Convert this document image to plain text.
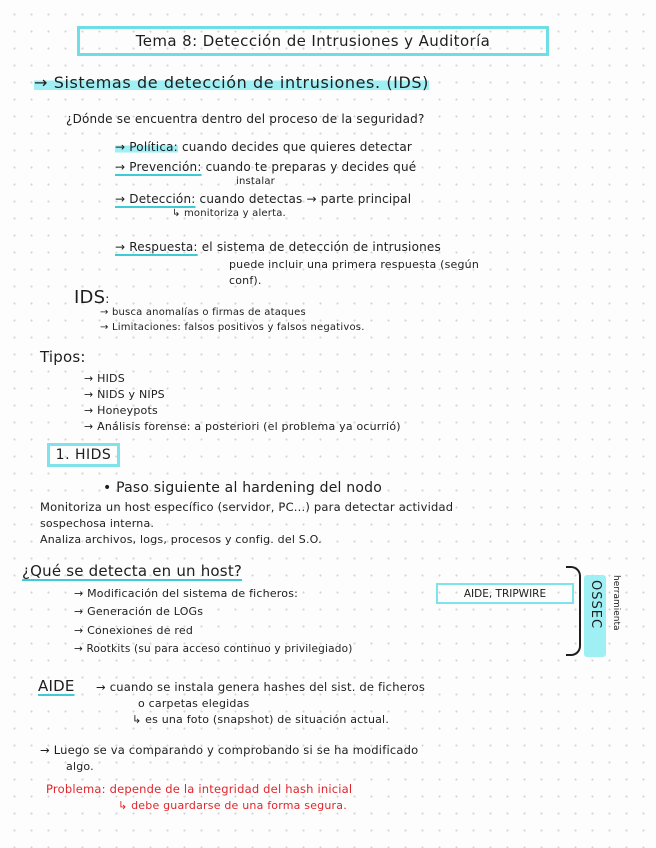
Tema 8: Detección de Intrusiones y Auditoría
→ Sistemas de detección de intrusiones. (IDS)
¿Dónde se encuentra dentro del proceso de la seguridad?
→ Política: cuando decides que quieres detectar
→ Prevención: cuando te preparas y decides qué
instalar
→ Detección: cuando detectas → parte principal
↳ monitoriza y alerta.
→ Respuesta: el sistema de detección de intrusiones
puede incluir una primera respuesta (según
conf).
IDS:
→ busca anomalías o firmas de ataques
→ Limitaciones: falsos positivos y falsos negativos.
Tipos:
→ HIDS
→ NIDS y NIPS
→ Honeypots
→ Análisis forense: a posteriori (el problema ya ocurrió)
1. HIDS
• Paso siguiente al hardening del nodo
Monitoriza un host específico (servidor, PC...) para detectar actividad
sospechosa interna.
Analiza archivos, logs, procesos y config. del S.O.
¿Qué se detecta en un host?
→ Modificación del sistema de ficheros:	AIDE, TRIPWIRE
→ Generación de LOGs
→ Conexiones de red
→ Rootkits (su para acceso continuo y privilegiado)
OSSEC herramienta
AIDE → cuando se instala genera hashes del sist. de ficheros
o carpetas elegidas
↳ es una foto (snapshot) de situación actual.
→ Luego se va comparando y comprobando si se ha modificado
algo.
Problema: depende de la integridad del hash inicial
↳ debe guardarse de una forma segura.
